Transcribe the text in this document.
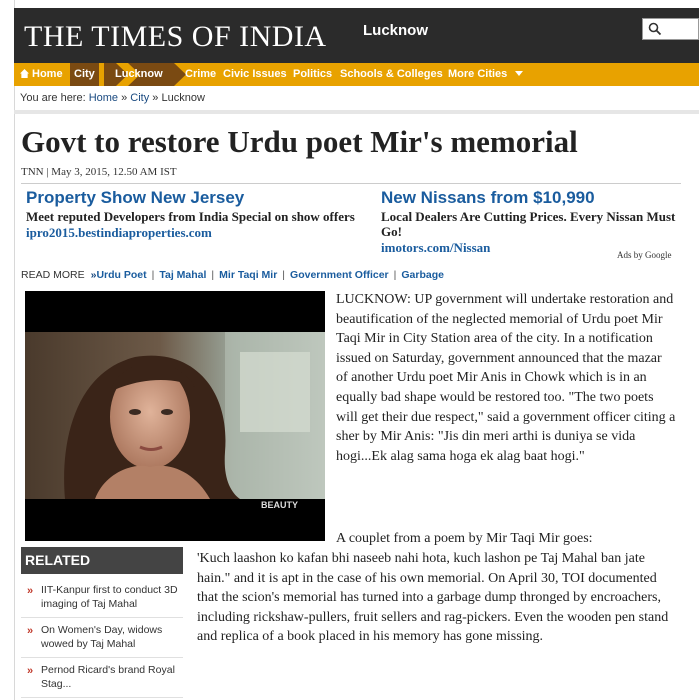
THE TIMES OF INDIA Lucknow
Home	City	Lucknow Crime Civic Issues Politics Schools & Colleges More Cities
You are here: Home » City » Lucknow
Govt to restore Urdu poet Mir's memorial
TNN | May 3, 2015, 12.50 AM IST
Property Show New Jersey
Meet reputed Developers from India Special on show offers
ipro2015.bestindiaproperties.com
New Nissans from $10,990
Local Dealers Are Cutting Prices. Every Nissan Must Go!
imotors.com/Nissan	Ads by Google
READ MORE »Urdu Poet | Taj Mahal | Mir Taqi Mir | Government Officer | Garbage
BEAUTY

LUCKNOW: UP government will undertake restoration and beautification of the neglected memorial of Urdu poet Mir Taqi Mir in City Station area of the city. In a notification issued on Saturday, government announced that the mazar of another Urdu poet Mir Anis in Chowk which is in an equally bad shape would be restored too. "The two poets will get their due respect," said a government officer citing a sher by Mir Anis: "Jis din meri arthi is duniya se vida hogi...Ek alag sama hoga ek alag baat hogi."

A couplet from a poem by Mir Taqi Mir goes:

'Kuch laashon ko kafan bhi naseeb nahi hota, kuch lashon pe Taj Mahal ban jate hain." and it is apt in the case of his own memorial. On April 30, TOI documented that the scion's memorial has turned into a garbage dump thronged by encroachers, including rickshaw-pullers, fruit sellers and rag-pickers. Even the wooden pen stand and replica of a book placed in his memory has gone missing.

RELATED
» IIT-Kanpur first to conduct 3D imaging of Taj Mahal
» On Women's Day, widows wowed by Taj Mahal
» Pernod Ricard's brand Royal Stag...
